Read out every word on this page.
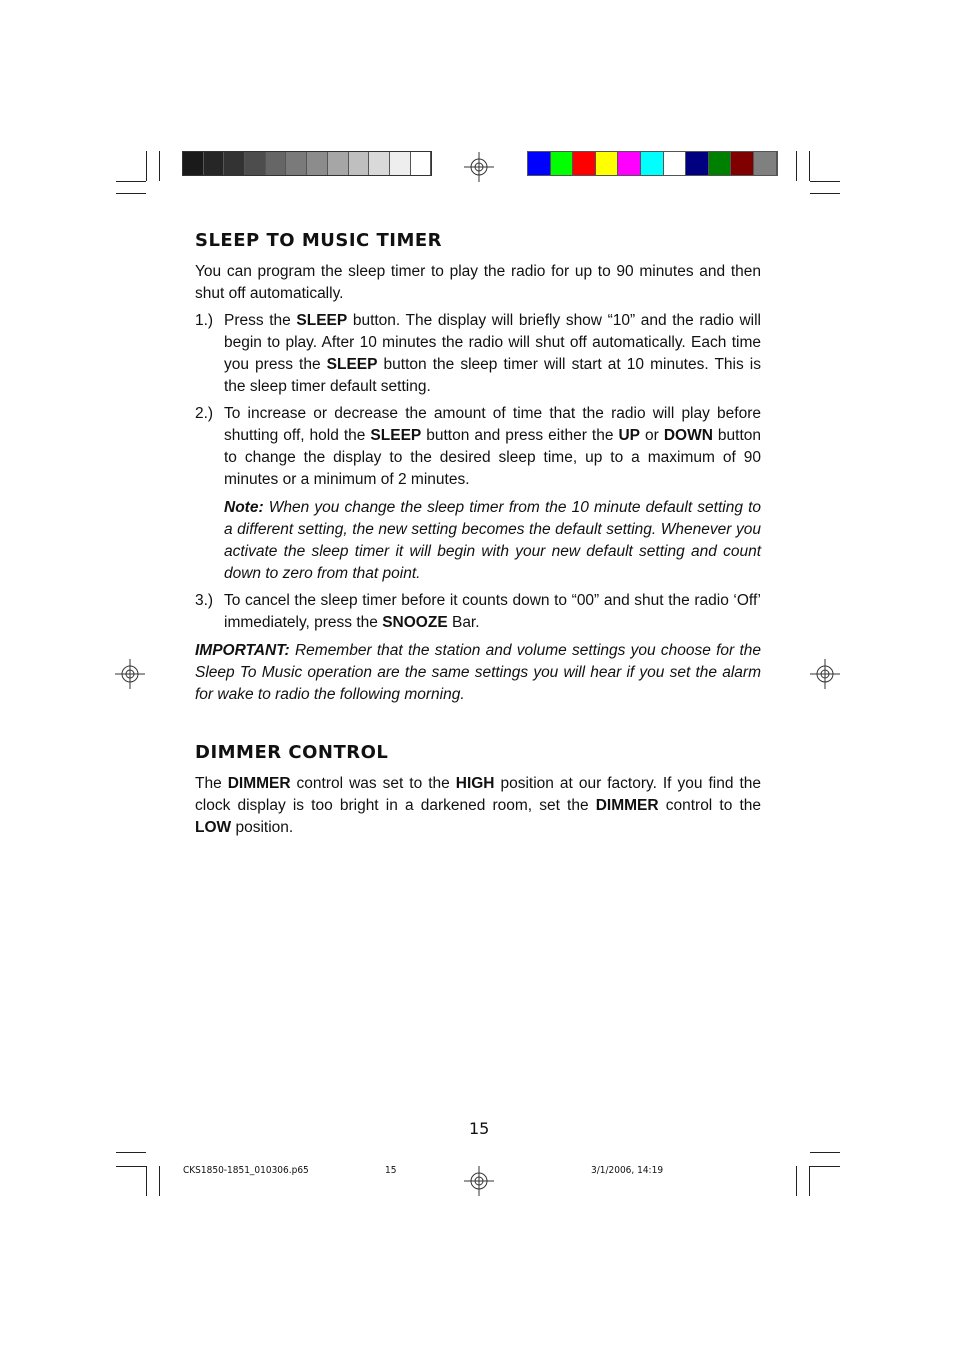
SLEEP TO MUSIC TIMER

You can program the sleep timer to play the radio for up to 90 minutes and then shut off automatically.

1.) Press the SLEEP button. The display will briefly show “10” and the radio will begin to play. After 10 minutes the radio will shut off automatically. Each time you press the SLEEP button the sleep timer will start at 10 minutes. This is the sleep timer default setting.

2.) To increase or decrease the amount of time that the radio will play before shutting off, hold the SLEEP button and press either the UP or DOWN button to change the display to the desired sleep time, up to a maximum of 90 minutes or a minimum of 2 minutes.

Note: When you change the sleep timer from the 10 minute default setting to a different setting, the new setting becomes the default setting. Whenever you activate the sleep timer it will begin with your new default setting and count down to zero from that point.

3.) To cancel the sleep timer before it counts down to “00” and shut the radio ‘Off’ immediately, press the SNOOZE Bar.

IMPORTANT: Remember that the station and volume settings you choose for the Sleep To Music operation are the same settings you will hear if you set the alarm for wake to radio the following morning.

DIMMER CONTROL

The DIMMER control was set to the HIGH position at our factory. If you find the clock display is too bright in a darkened room, set the DIMMER control to the LOW position.

15
CKS1850-1851_010306.p65	15	3/1/2006, 14:19
